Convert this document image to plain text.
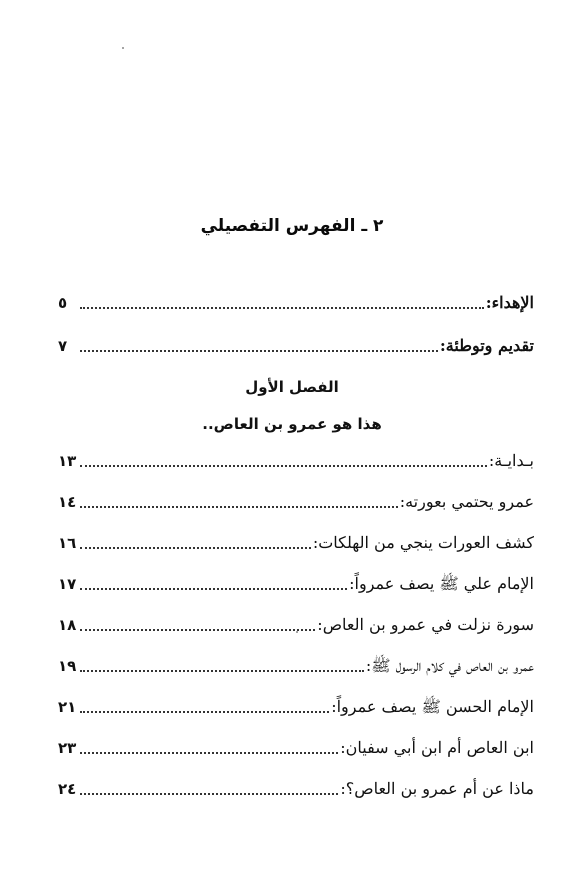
٢ ـ الفهرس التفصيلي
الإهداء:
٥
تقديم وتوطئة:
٧
الفصل الأول
هذا هو عمرو بن العاص..
بـدايـة:
١٣
عمرو يحتمي بعورته:
١٤
كشف العورات ينجي من الهلكات:
١٦
الإمام علي ﷺ يصف عمرواً:
١٧
سورة نزلت في عمرو بن العاص:
١٨
عمرو بن العاص في كلام الرسول ﷺ:
١٩
الإمام الحسن ﷺ يصف عمرواً:
٢١
ابن العاص أم ابن أبي سفيان:
٢٣
ماذا عن أم عمرو بن العاص؟:
٢٤
